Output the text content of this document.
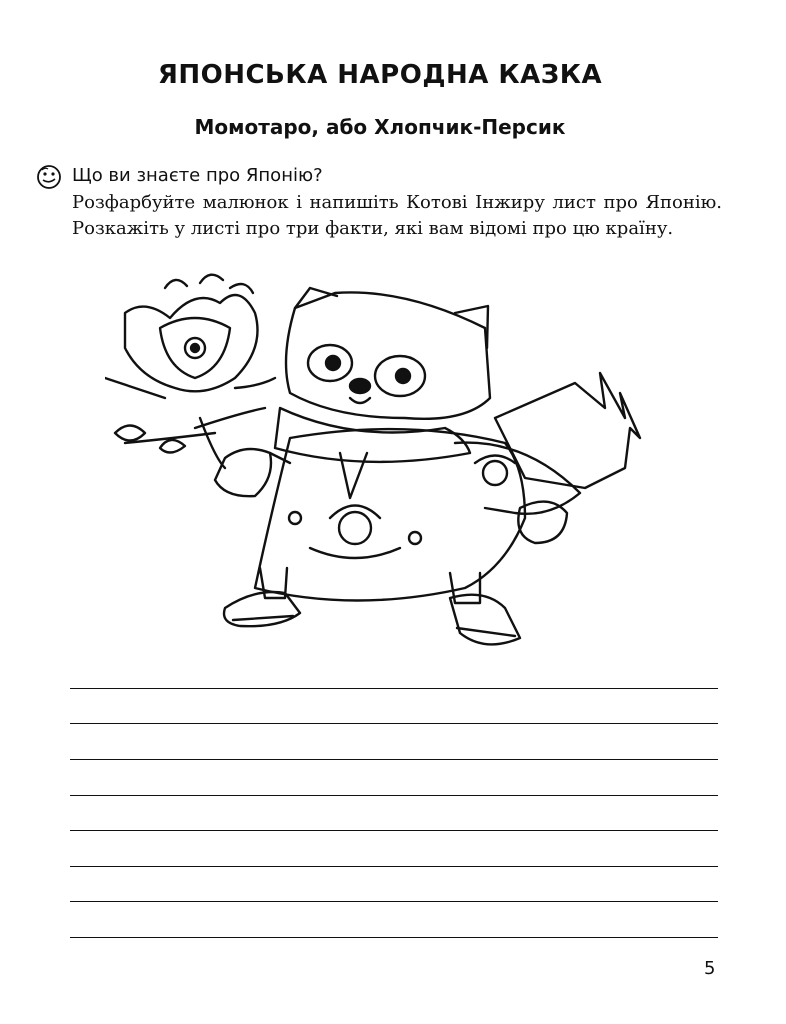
ЯПОНСЬКА НАРОДНА КАЗКА
Момотаро, або Хлопчик-Персик
Що ви знаєте про Японію?
Розфарбуйте малюнок і напишіть Котові Інжиру лист про Японію. Розкажіть у листі про три факти, які вам відомі про цю країну.
5
